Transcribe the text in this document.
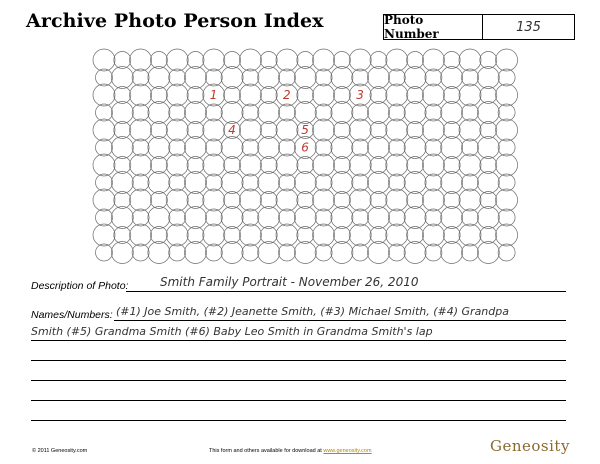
Archive Photo Person Index	Photo Number	135
1	2	3
4	5
6
Description of Photo:	Smith Family Portrait - November 26, 2010
Names/Numbers: (#1) Joe Smith, (#2) Jeanette Smith, (#3) Michael Smith, (#4) Grandpa
Smith (#5) Grandma Smith (#6) Baby Leo Smith in Grandma Smith's lap
© 2011 Geneosity.com	This form and others available for download at www.geneosity.com	Geneosity
